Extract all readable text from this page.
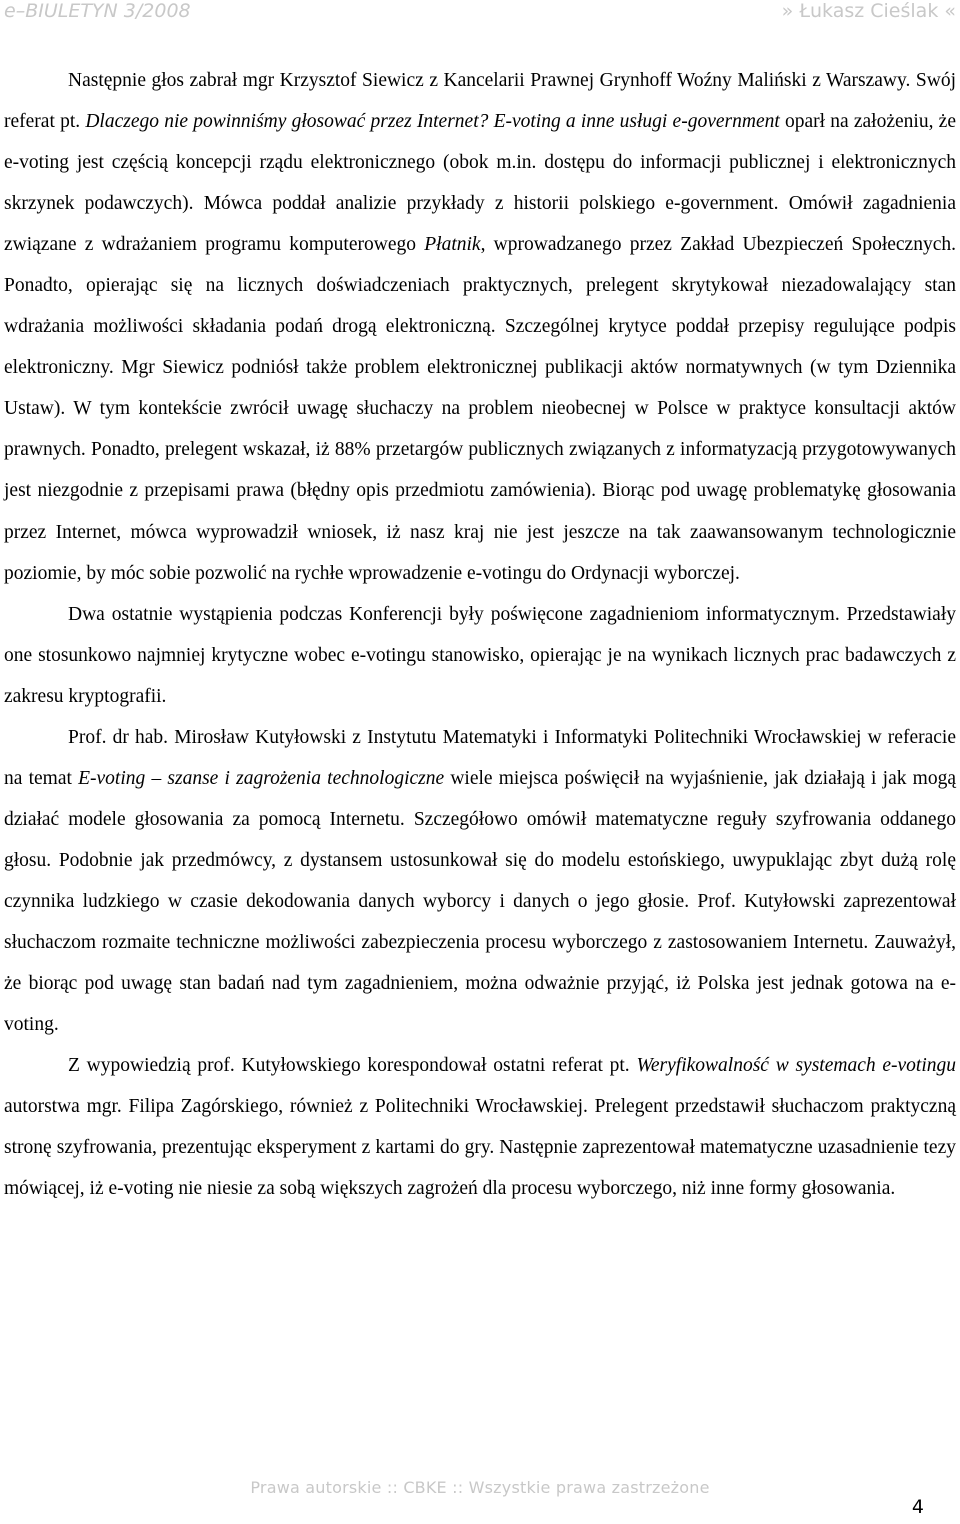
e–BIULETYN 3/2008	» Łukasz Cieślak «

Następnie głos zabrał mgr Krzysztof Siewicz z Kancelarii Prawnej Grynhoff Woźny Maliński z Warszawy. Swój referat pt. Dlaczego nie powinniśmy głosować przez Internet? E-voting a inne usługi e-government oparł na założeniu, że e-voting jest częścią koncepcji rządu elektronicznego (obok m.in. dostępu do informacji publicznej i elektronicznych skrzynek podawczych). Mówca poddał analizie przykłady z historii polskiego e-government. Omówił zagadnienia związane z wdrażaniem programu komputerowego Płatnik, wprowadzanego przez Zakład Ubezpieczeń Społecznych. Ponadto, opierając się na licznych doświadczeniach praktycznych, prelegent skrytykował niezadowalający stan wdrażania możliwości składania podań drogą elektroniczną. Szczególnej krytyce poddał przepisy regulujące podpis elektroniczny. Mgr Siewicz podniósł także problem elektronicznej publikacji aktów normatywnych (w tym Dziennika Ustaw). W tym kontekście zwrócił uwagę słuchaczy na problem nieobecnej w Polsce w praktyce konsultacji aktów prawnych. Ponadto, prelegent wskazał, iż 88% przetargów publicznych związanych z informatyzacją przygotowywanych jest niezgodnie z przepisami prawa (błędny opis przedmiotu zamówienia). Biorąc pod uwagę problematykę głosowania przez Internet, mówca wyprowadził wniosek, iż nasz kraj nie jest jeszcze na tak zaawansowanym technologicznie poziomie, by móc sobie pozwolić na rychłe wprowadzenie e-votingu do Ordynacji wyborczej.

Dwa ostatnie wystąpienia podczas Konferencji były poświęcone zagadnieniom informatycznym. Przedstawiały one stosunkowo najmniej krytyczne wobec e-votingu stanowisko, opierając je na wynikach licznych prac badawczych z zakresu kryptografii.

Prof. dr hab. Mirosław Kutyłowski z Instytutu Matematyki i Informatyki Politechniki Wrocławskiej w referacie na temat E-voting – szanse i zagrożenia technologiczne wiele miejsca poświęcił na wyjaśnienie, jak działają i jak mogą działać modele głosowania za pomocą Internetu. Szczegółowo omówił matematyczne reguły szyfrowania oddanego głosu. Podobnie jak przedmówcy, z dystansem ustosunkował się do modelu estońskiego, uwypuklając zbyt dużą rolę czynnika ludzkiego w czasie dekodowania danych wyborcy i danych o jego głosie. Prof. Kutyłowski zaprezentował słuchaczom rozmaite techniczne możliwości zabezpieczenia procesu wyborczego z zastosowaniem Internetu. Zauważył, że biorąc pod uwagę stan badań nad tym zagadnieniem, można odważnie przyjąć, iż Polska jest jednak gotowa na e-voting.

Z wypowiedzią prof. Kutyłowskiego korespondował ostatni referat pt. Weryfikowalność w systemach e-votingu autorstwa mgr. Filipa Zagórskiego, również z Politechniki Wrocławskiej. Prelegent przedstawił słuchaczom praktyczną stronę szyfrowania, prezentując eksperyment z kartami do gry. Następnie zaprezentował matematyczne uzasadnienie tezy mówiącej, iż e-voting nie niesie za sobą większych zagrożeń dla procesu wyborczego, niż inne formy głosowania.

Prawa autorskie :: CBKE :: Wszystkie prawa zastrzeżone
4
